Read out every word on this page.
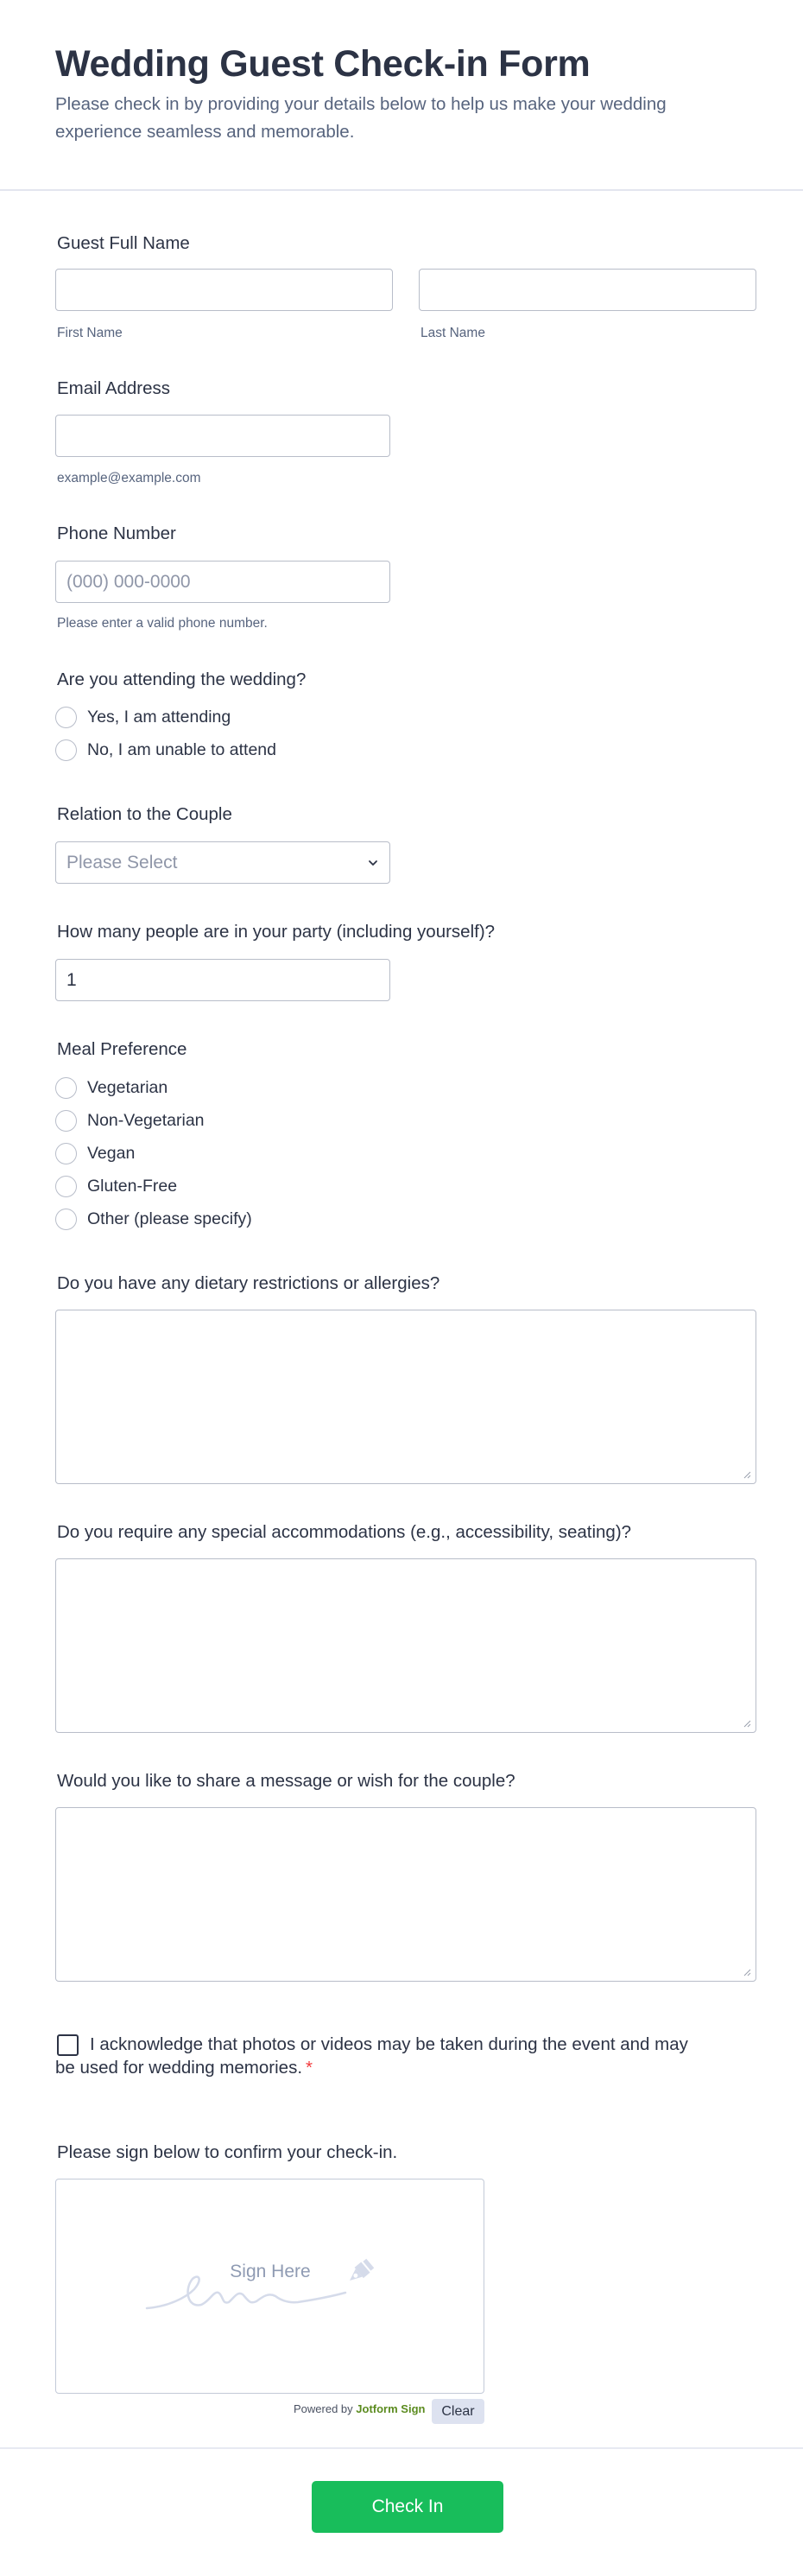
Wedding Guest Check-in Form

Please check in by providing your details below to help us make your wedding experience seamless and memorable.

Guest Full Name
First Name	Last Name
Email Address
example@example.com
Phone Number
(000) 000-0000
Please enter a valid phone number.
Are you attending the wedding?
Yes, I am attending
No, I am unable to attend
Relation to the Couple
Please Select
How many people are in your party (including yourself)?
1
Meal Preference
Vegetarian
Non-Vegetarian
Vegan
Gluten-Free
Other (please specify)
Do you have any dietary restrictions or allergies?
Do you require any special accommodations (e.g., accessibility, seating)?
Would you like to share a message or wish for the couple?
I acknowledge that photos or videos may be taken during the event and may be used for wedding memories. *
Please sign below to confirm your check-in.
Sign Here
Powered by Jotform Sign	Clear
Check In
